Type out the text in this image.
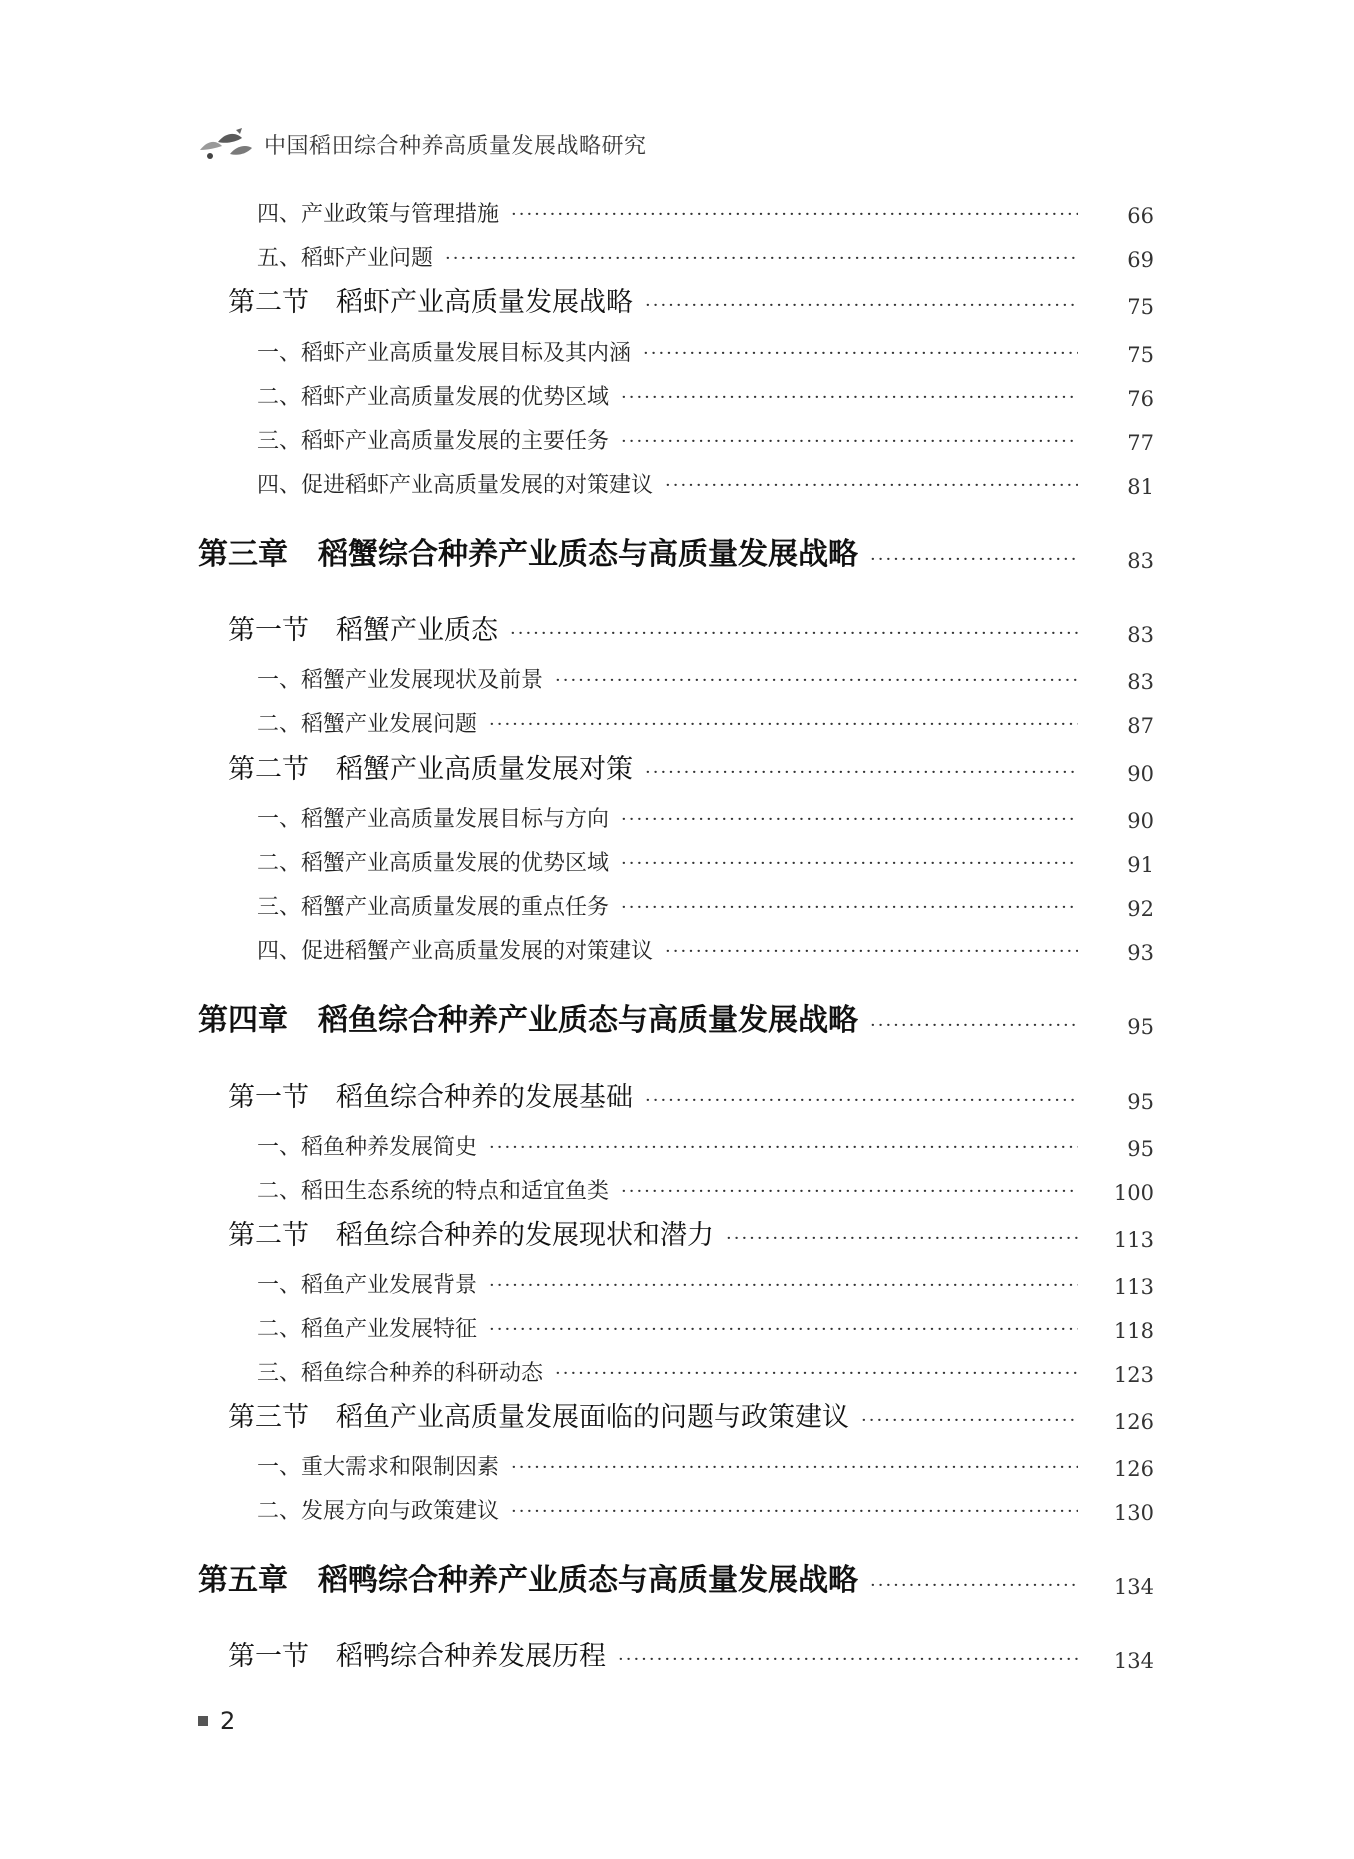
中国稻田综合种养高质量发展战略研究
四、产业政策与管理措施 ·····	66
五、稻虾产业问题 ·····	69
第二节　稻虾产业高质量发展战略 ·····	75
一、稻虾产业高质量发展目标及其内涵 ·····	75
二、稻虾产业高质量发展的优势区域 ·····	76
三、稻虾产业高质量发展的主要任务 ·····	77
四、促进稻虾产业高质量发展的对策建议 ·····	81
第三章　稻蟹综合种养产业质态与高质量发展战略 ·····	83
第一节　稻蟹产业质态 ·····	83
一、稻蟹产业发展现状及前景 ·····	83
二、稻蟹产业发展问题 ·····	87
第二节　稻蟹产业高质量发展对策 ·····	90
一、稻蟹产业高质量发展目标与方向 ·····	90
二、稻蟹产业高质量发展的优势区域 ·····	91
三、稻蟹产业高质量发展的重点任务 ·····	92
四、促进稻蟹产业高质量发展的对策建议 ·····	93
第四章　稻鱼综合种养产业质态与高质量发展战略 ·····	95
第一节　稻鱼综合种养的发展基础 ·····	95
一、稻鱼种养发展简史 ·····	95
二、稻田生态系统的特点和适宜鱼类 ·····	100
第二节　稻鱼综合种养的发展现状和潜力 ·····	113
一、稻鱼产业发展背景 ·····	113
二、稻鱼产业发展特征 ·····	118
三、稻鱼综合种养的科研动态 ·····	123
第三节　稻鱼产业高质量发展面临的问题与政策建议 ·····	126
一、重大需求和限制因素 ·····	126
二、发展方向与政策建议 ·····	130
第五章　稻鸭综合种养产业质态与高质量发展战略 ·····	134
第一节　稻鸭综合种养发展历程 ·····	134
2
